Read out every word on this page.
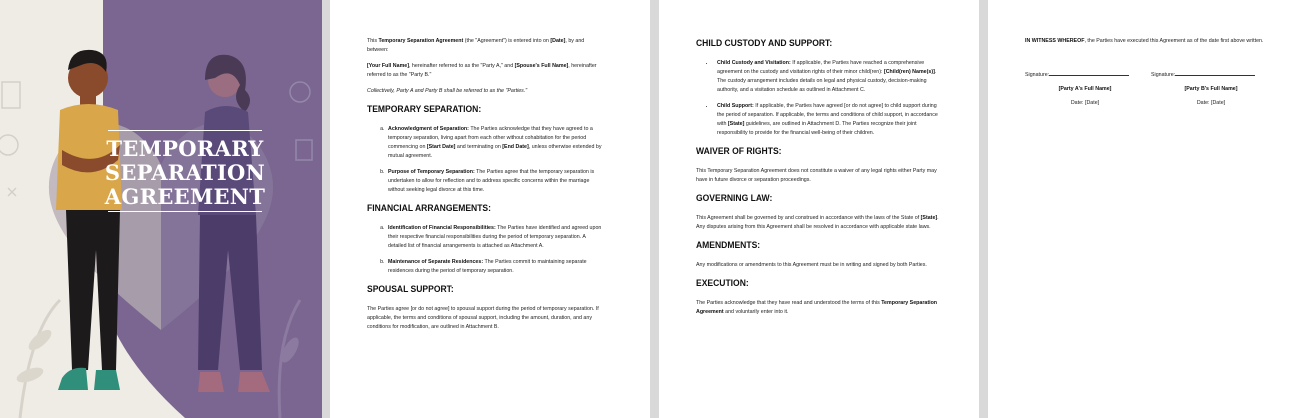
TEMPORARY
SEPARATION
AGREEMENT

This Temporary Separation Agreement (the "Agreement") is entered into on [Date], by and between:

[Your Full Name], hereinafter referred to as the "Party A," and [Spouse's Full Name], hereinafter referred to as the "Party B."

Collectively, Party A and Party B shall be referred to as the "Parties."

TEMPORARY SEPARATION:
a. Acknowledgment of Separation: The Parties acknowledge that they have agreed to a temporary separation, living apart from each other without cohabitation for the period commencing on [Start Date] and terminating on [End Date], unless otherwise extended by mutual agreement.
b. Purpose of Temporary Separation: The Parties agree that the temporary separation is undertaken to allow for reflection and to address specific concerns within the marriage without seeking legal divorce at this time.
FINANCIAL ARRANGEMENTS:
a. Identification of Financial Responsibilities: The Parties have identified and agreed upon their respective financial responsibilities during the period of temporary separation. A detailed list of financial arrangements is attached as Attachment A.
b. Maintenance of Separate Residences: The Parties commit to maintaining separate residences during the period of temporary separation.
SPOUSAL SUPPORT:

The Parties agree [or do not agree] to spousal support during the period of temporary separation. If applicable, the terms and conditions of spousal support, including the amount, duration, and any conditions for modification, are outlined in Attachment B.

CHILD CUSTODY AND SUPPORT:
• Child Custody and Visitation: If applicable, the Parties have reached a comprehensive agreement on the custody and visitation rights of their minor child(ren): [Child(ren) Name(s)]. The custody arrangement includes details on legal and physical custody, decision-making authority, and a visitation schedule as outlined in Attachment C.
• Child Support: If applicable, the Parties have agreed [or do not agree] to child support during the period of separation. If applicable, the terms and conditions of child support, in accordance with [State] guidelines, are outlined in Attachment D. The Parties recognize their joint responsibility to provide for the financial well-being of their children.
WAIVER OF RIGHTS:

This Temporary Separation Agreement does not constitute a waiver of any legal rights either Party may have in future divorce or separation proceedings.

GOVERNING LAW:

This Agreement shall be governed by and construed in accordance with the laws of the State of [State]. Any disputes arising from this Agreement shall be resolved in accordance with applicable state laws.

AMENDMENTS:

Any modifications or amendments to this Agreement must be in writing and signed by both Parties.

EXECUTION:

The Parties acknowledge that they have read and understood the terms of this Temporary Separation Agreement and voluntarily enter into it.

IN WITNESS WHEREOF, the Parties have executed this Agreement as of the date first above written.

Signature:
[Party A's Full Name]
Date: [Date]
Signature:
[Party B's Full Name]
Date: [Date]
